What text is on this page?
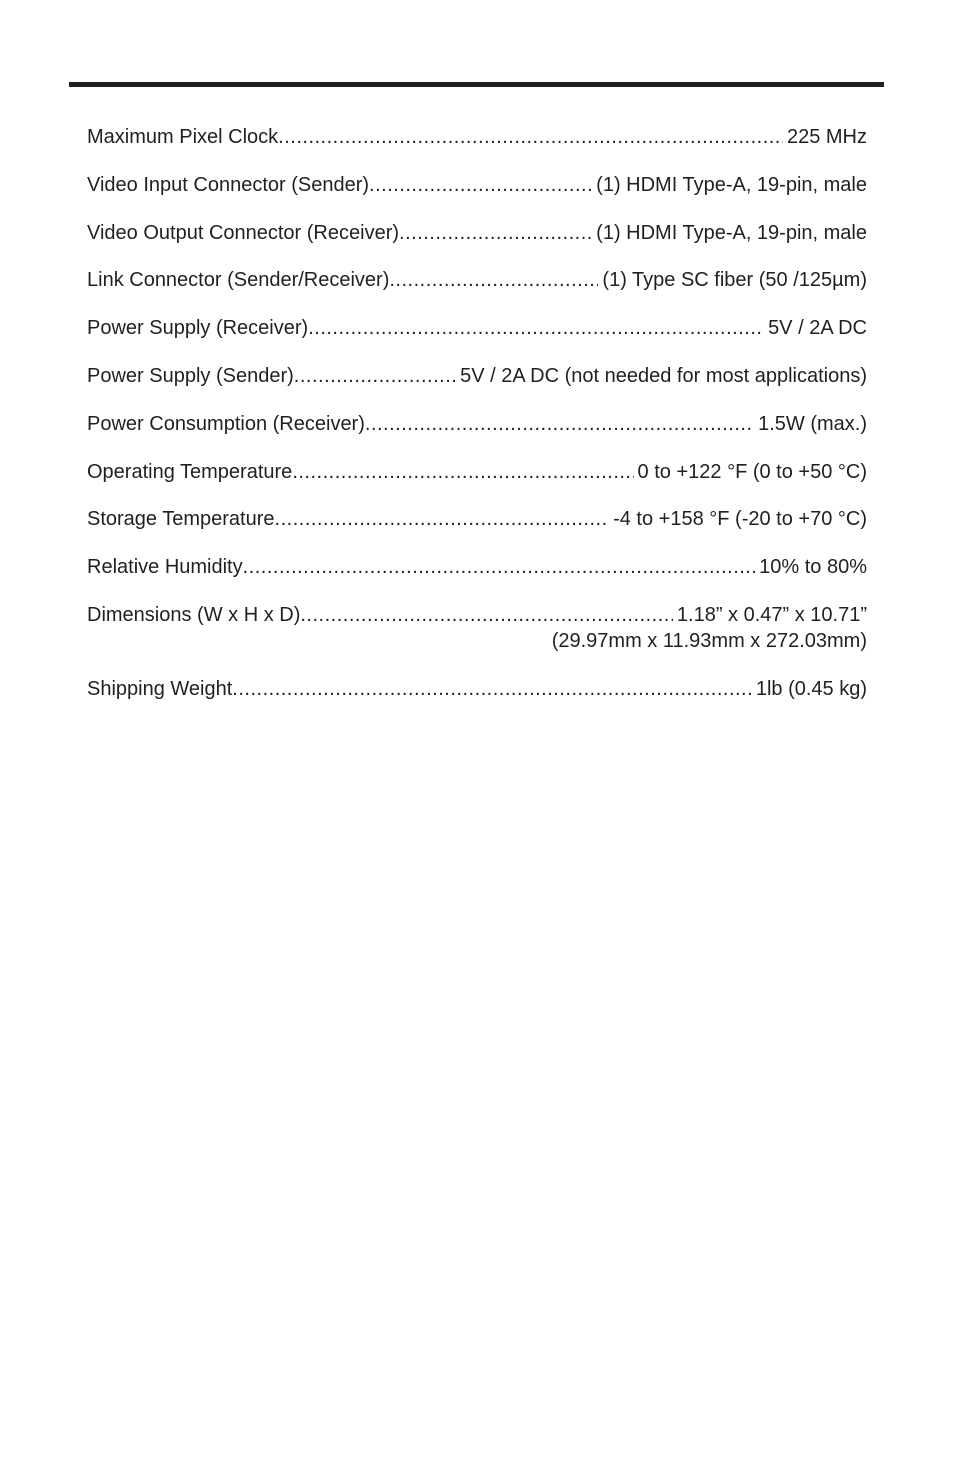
Maximum Pixel Clock .....	225 MHz
Video Input Connector (Sender) .....	(1) HDMI Type-A, 19-pin, male
Video Output Connector (Receiver) .....	(1) HDMI Type-A, 19-pin, male
Link Connector (Sender/Receiver) .....	(1) Type SC fiber (50 /125µm)
Power Supply (Receiver) .....	5V / 2A DC
Power Supply (Sender) .....	5V / 2A DC (not needed for most applications)
Power Consumption (Receiver) .....	1.5W (max.)
Operating Temperature .....	0 to +122 °F (0 to +50 °C)
Storage Temperature .....	-4 to +158 °F (-20 to +70 °C)
Relative Humidity .....	10% to 80%
Dimensions (W x H x D) .....	1.18” x 0.47” x 10.71”
(29.97mm x 11.93mm x 272.03mm)
Shipping Weight .....	1lb (0.45 kg)
